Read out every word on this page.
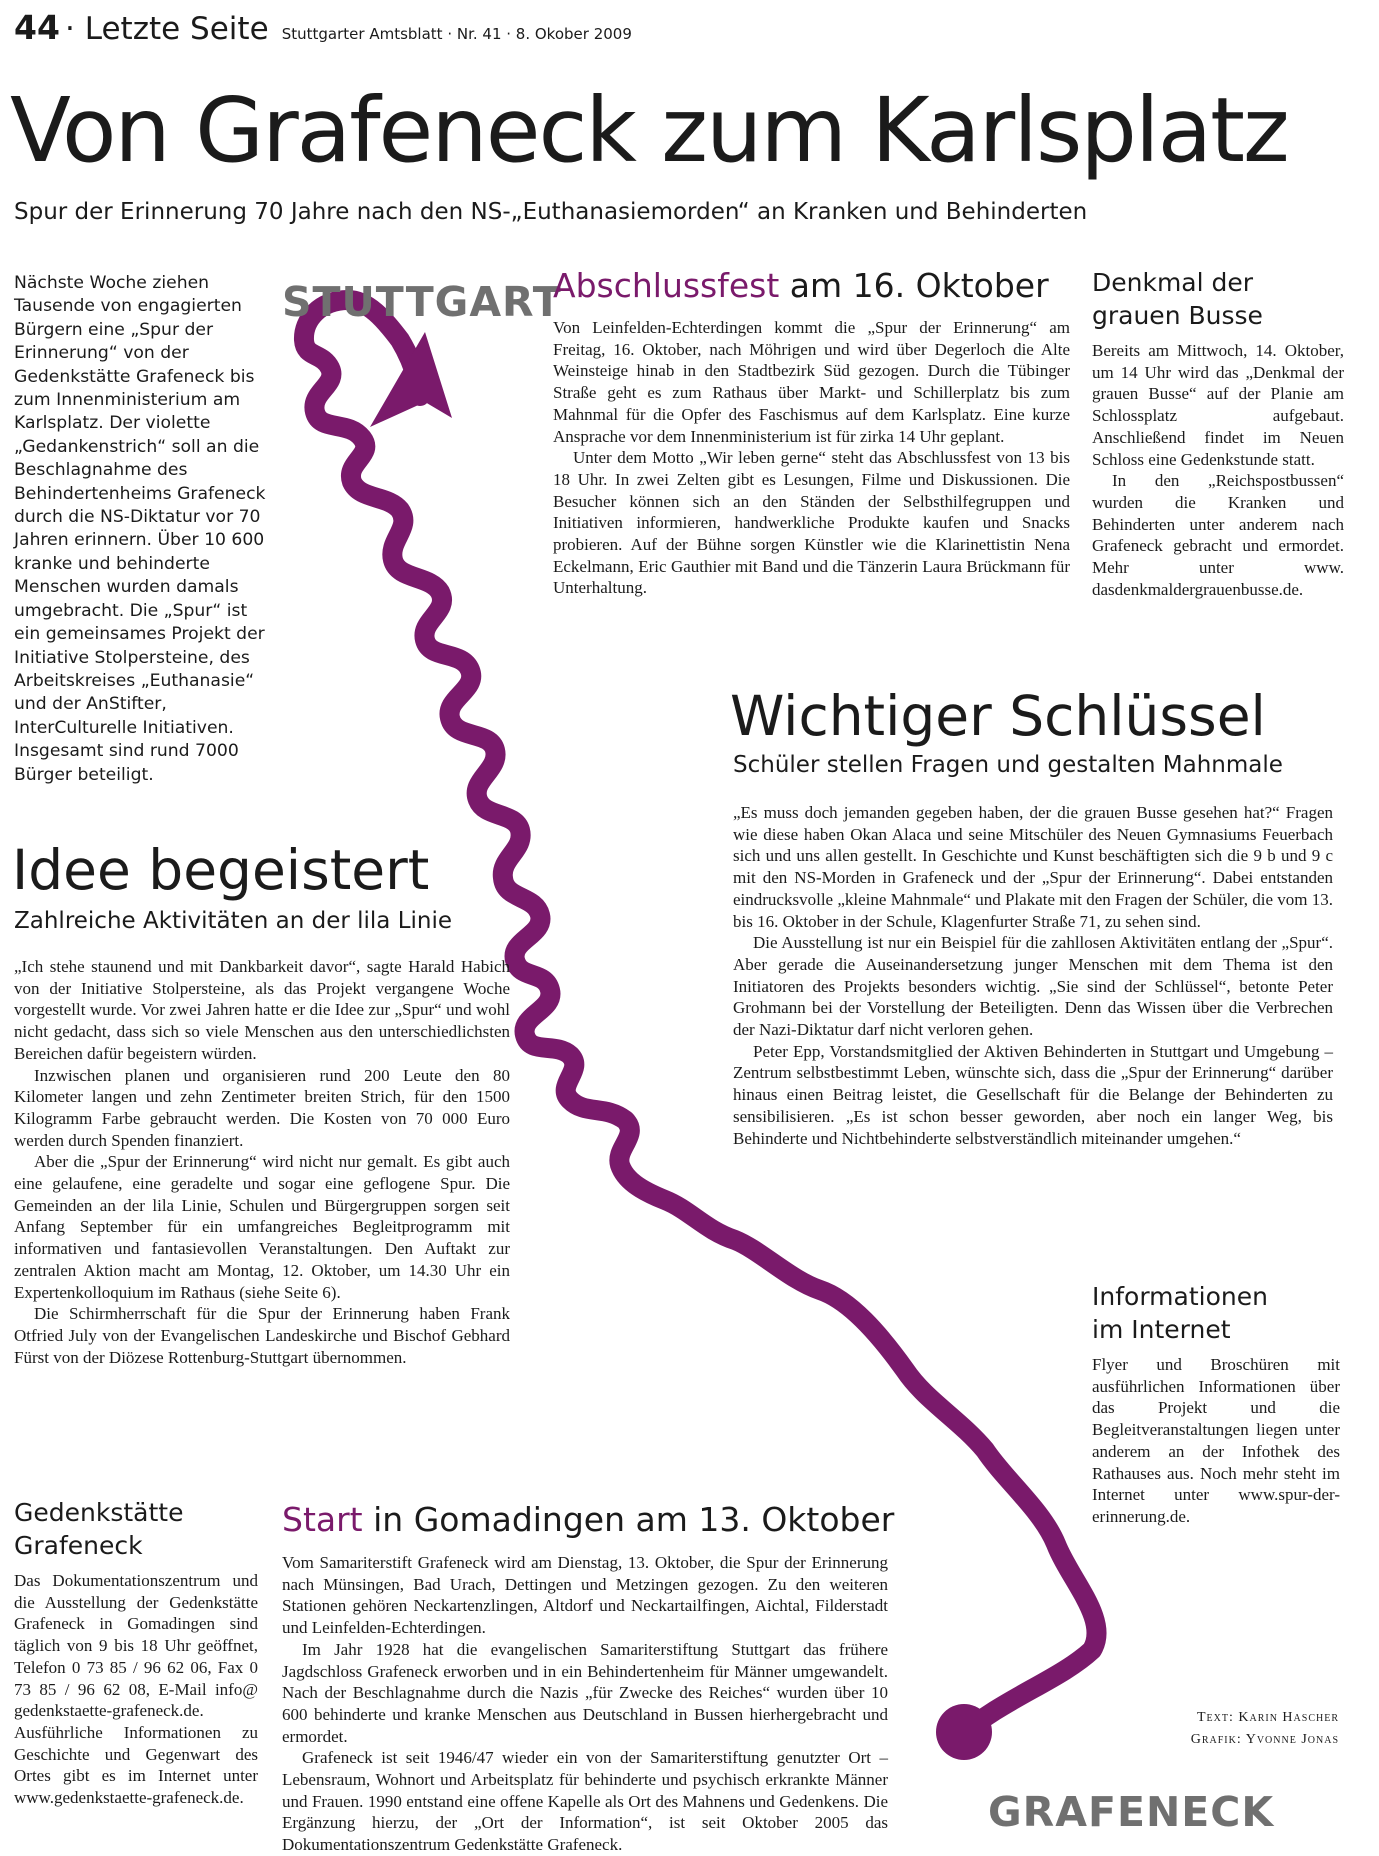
44 · Letzte Seite Stuttgarter Amtsblatt · Nr. 41 · 8. Okober 2009
Von Grafeneck zum Karlsplatz
Spur der Erinnerung 70 Jahre nach den NS-„Euthanasiemorden“ an Kranken und Behinderten

Nächste Woche ziehen Tausende von engagierten Bürgern eine „Spur der Erinnerung“ von der Gedenkstätte Grafeneck bis zum Innenministerium am Karlsplatz. Der violette „Gedankenstrich“ soll an die Beschlagnahme des Behindertenheims Grafeneck durch die NS-Diktatur vor 70 Jahren erinnern. Über 10 600 kranke und behinderte Menschen wurden damals umgebracht. Die „Spur“ ist ein gemeinsames Projekt der Initiative Stolpersteine, des Arbeitskreises „Euthanasie“ und der AnStifter, InterCulturelle Initiativen. Insgesamt sind rund 7000 Bürger beteiligt.

STUTTGART
GRAFENECK
Abschlussfest am 16. Oktober

Von Leinfelden-Echterdingen kommt die „Spur der Erinnerung“ am Freitag, 16. Oktober, nach Möhrigen und wird über Degerloch die Alte Weinsteige hinab in den Stadtbezirk Süd gezogen. Durch die Tübinger Straße geht es zum Rathaus über Markt- und Schillerplatz bis zum Mahnmal für die Opfer des Faschismus auf dem Karlsplatz. Eine kurze Ansprache vor dem Innenministerium ist für zirka 14 Uhr geplant.

Unter dem Motto „Wir leben gerne“ steht das Abschlussfest von 13 bis 18 Uhr. In zwei Zelten gibt es Lesungen, Filme und Diskussionen. Die Besucher können sich an den Ständen der Selbsthilfegruppen und Initiativen informieren, handwerkliche Produkte kaufen und Snacks probieren. Auf der Bühne sorgen Künstler wie die Klarinettistin Nena Eckelmann, Eric Gauthier mit Band und die Tänzerin Laura Brückmann für Unterhaltung.

Denkmal der
grauen Busse

Bereits am Mittwoch, 14. Oktober, um 14 Uhr wird das „Denkmal der grauen Busse“ auf der Planie am Schlossplatz aufgebaut. Anschließend findet im Neuen Schloss eine Gedenkstunde statt.

In den „Reichspostbussen“ wurden die Kranken und Behinderten unter anderem nach Grafeneck gebracht und ermordet. Mehr unter www. dasdenkmaldergrauenbusse.de.

Wichtiger Schlüssel
Schüler stellen Fragen und gestalten Mahnmale

„Es muss doch jemanden gegeben haben, der die grauen Busse gesehen hat?“ Fragen wie diese haben Okan Alaca und seine Mitschüler des Neuen Gymnasiums Feuerbach sich und uns allen gestellt. In Geschichte und Kunst beschäftigten sich die 9 b und 9 c mit den NS-Morden in Grafeneck und der „Spur der Erinnerung“. Dabei entstanden eindrucksvolle „kleine Mahnmale“ und Plakate mit den Fragen der Schüler, die vom 13. bis 16. Oktober in der Schule, Klagenfurter Straße 71, zu sehen sind.

Die Ausstellung ist nur ein Beispiel für die zahllosen Aktivitäten entlang der „Spur“. Aber gerade die Auseinandersetzung junger Menschen mit dem Thema ist den Initiatoren des Projekts besonders wichtig. „Sie sind der Schlüssel“, betonte Peter Grohmann bei der Vorstellung der Beteiligten. Denn das Wissen über die Verbrechen der Nazi-Diktatur darf nicht verloren gehen.

Peter Epp, Vorstandsmitglied der Aktiven Behinderten in Stuttgart und Umgebung – Zentrum selbstbestimmt Leben, wünschte sich, dass die „Spur der Erinnerung“ darüber hinaus einen Beitrag leistet, die Gesellschaft für die Belange der Behinderten zu sensibilisieren. „Es ist schon besser geworden, aber noch ein langer Weg, bis Behinderte und Nichtbehinderte selbstverständlich miteinander umgehen.“

Idee begeistert
Zahlreiche Aktivitäten an der lila Linie

„Ich stehe staunend und mit Dankbarkeit davor“, sagte Harald Habich von der Initiative Stolpersteine, als das Projekt vergangene Woche vorgestellt wurde. Vor zwei Jahren hatte er die Idee zur „Spur“ und wohl nicht gedacht, dass sich so viele Menschen aus den unterschiedlichsten Bereichen dafür begeistern würden.

Inzwischen planen und organisieren rund 200 Leute den 80 Kilometer langen und zehn Zentimeter breiten Strich, für den 1500 Kilogramm Farbe gebraucht werden. Die Kosten von 70 000 Euro werden durch Spenden finanziert.

Aber die „Spur der Erinnerung“ wird nicht nur gemalt. Es gibt auch eine gelaufene, eine geradelte und sogar eine geflogene Spur. Die Gemeinden an der lila Linie, Schulen und Bürgergruppen sorgen seit Anfang September für ein umfangreiches Begleitprogramm mit informativen und fantasievollen Veranstaltungen. Den Auftakt zur zentralen Aktion macht am Montag, 12. Oktober, um 14.30 Uhr ein Expertenkolloquium im Rathaus (siehe Seite 6).

Die Schirmherrschaft für die Spur der Erinnerung haben Frank Otfried July von der Evangelischen Landeskirche und Bischof Gebhard Fürst von der Diözese Rottenburg-Stuttgart übernommen.

Informationen
im Internet

Flyer und Broschüren mit ausführlichen Informationen über das Projekt und die Begleitveranstaltungen liegen unter anderem an der Infothek des Rathauses aus. Noch mehr steht im Internet unter www.spur-der-erinnerung.de.

Gedenkstätte
Grafeneck

Das Dokumentationszentrum und die Ausstellung der Gedenkstätte Grafeneck in Gomadingen sind täglich von 9 bis 18 Uhr geöffnet, Telefon 0 73 85 / 96 62 06, Fax 0 73 85 / 96 62 08, E-Mail info@ gedenkstaette-grafeneck.de. Ausführliche Informationen zu Geschichte und Gegenwart des Ortes gibt es im Internet unter www.gedenkstaette-grafeneck.de.

Start in Gomadingen am 13. Oktober

Vom Samariterstift Grafeneck wird am Dienstag, 13. Oktober, die Spur der Erinnerung nach Münsingen, Bad Urach, Dettingen und Metzingen gezogen. Zu den weiteren Stationen gehören Neckartenzlingen, Altdorf und Neckartailfingen, Aichtal, Filderstadt und Leinfelden-Echterdingen.

Im Jahr 1928 hat die evangelischen Samariterstiftung Stuttgart das frühere Jagdschloss Grafeneck erworben und in ein Behindertenheim für Männer umgewandelt. Nach der Beschlagnahme durch die Nazis „für Zwecke des Reiches“ wurden über 10 600 behinderte und kranke Menschen aus Deutschland in Bussen hierhergebracht und ermordet.

Grafeneck ist seit 1946/47 wieder ein von der Samariterstiftung genutzter Ort – Lebensraum, Wohnort und Arbeitsplatz für behinderte und psychisch erkrankte Männer und Frauen. 1990 entstand eine offene Kapelle als Ort des Mahnens und Gedenkens. Die Ergänzung hierzu, der „Ort der Information“, ist seit Oktober 2005 das Dokumentationszentrum Gedenkstätte Grafeneck.

Text: Karin Hascher
Grafik: Yvonne Jonas
